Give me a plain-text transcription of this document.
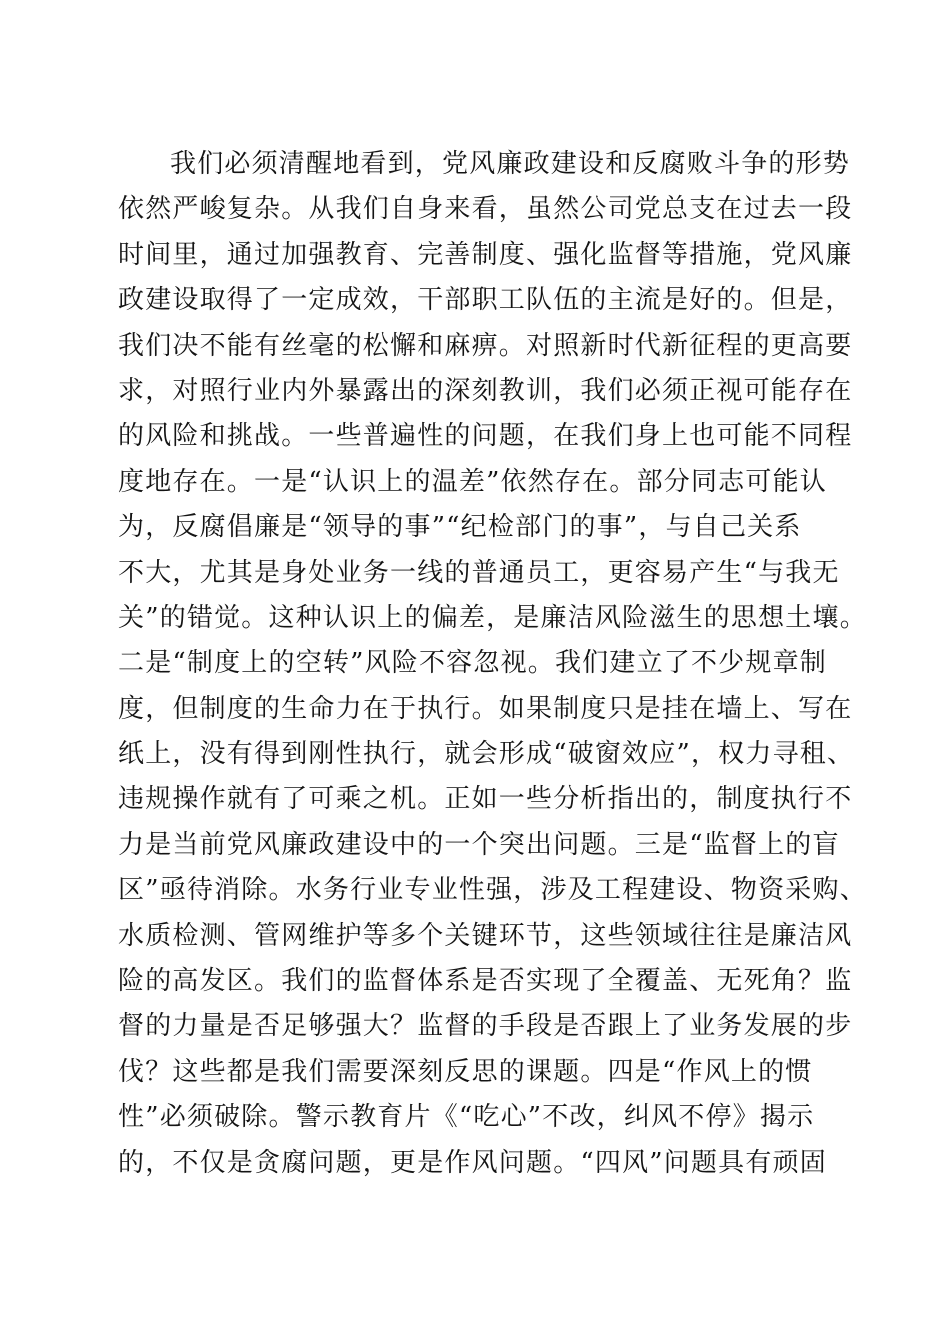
我们必须清醒地看到，党风廉政建设和反腐败斗争的形势
依然严峻复杂。从我们自身来看，虽然公司党总支在过去一段
时间里，通过加强教育、完善制度、强化监督等措施，党风廉
政建设取得了一定成效，干部职工队伍的主流是好的。但是，
我们决不能有丝毫的松懈和麻痹。对照新时代新征程的更高要
求，对照行业内外暴露出的深刻教训，我们必须正视可能存在
的风险和挑战。一些普遍性的问题，在我们身上也可能不同程
度地存在。一是“认识上的温差”依然存在。部分同志可能认
为，反腐倡廉是“领导的事”“纪检部门的事”，与自己关系
不大，尤其是身处业务一线的普通员工，更容易产生“与我无
关”的错觉。这种认识上的偏差，是廉洁风险滋生的思想土壤。
二是“制度上的空转”风险不容忽视。我们建立了不少规章制
度，但制度的生命力在于执行。如果制度只是挂在墙上、写在
纸上，没有得到刚性执行，就会形成“破窗效应”，权力寻租、
违规操作就有了可乘之机。正如一些分析指出的，制度执行不
力是当前党风廉政建设中的一个突出问题。三是“监督上的盲
区”亟待消除。水务行业专业性强，涉及工程建设、物资采购、
水质检测、管网维护等多个关键环节，这些领域往往是廉洁风
险的高发区。我们的监督体系是否实现了全覆盖、无死角？监
督的力量是否足够强大？监督的手段是否跟上了业务发展的步
伐？这些都是我们需要深刻反思的课题。四是“作风上的惯
性”必须破除。警示教育片《“吃心”不改，纠风不停》揭示
的，不仅是贪腐问题，更是作风问题。“四风”问题具有顽固
